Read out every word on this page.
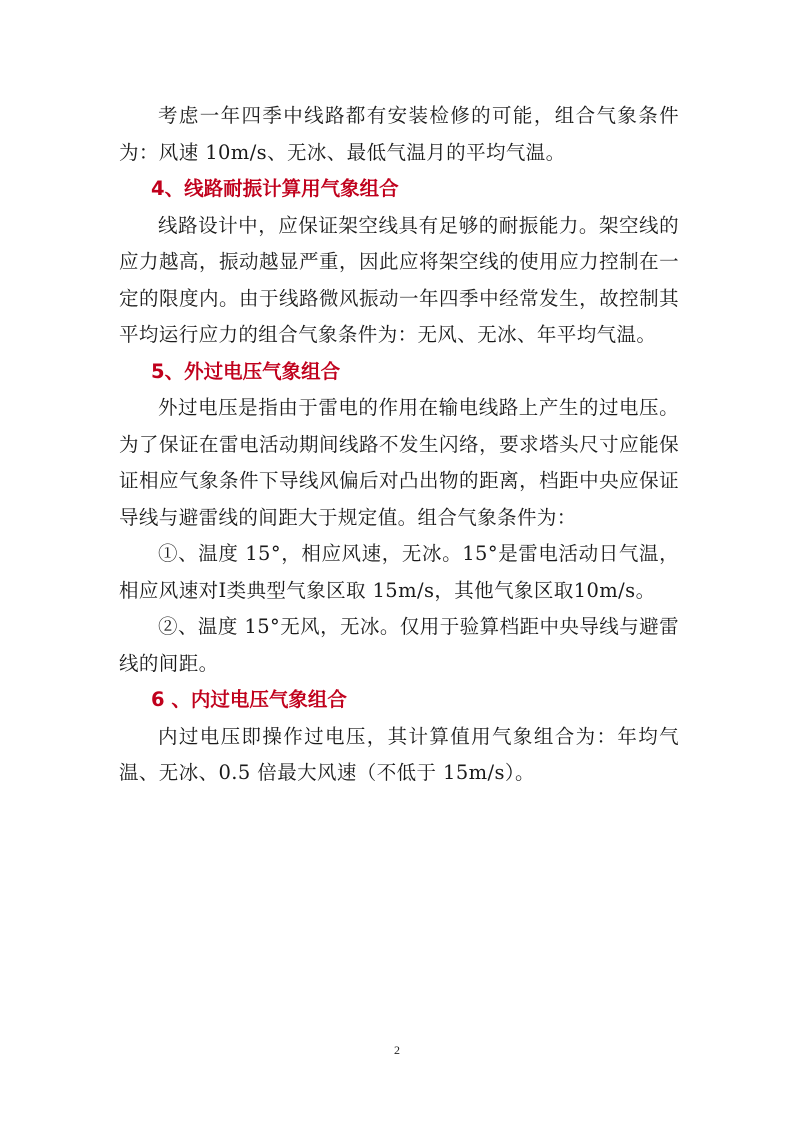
考虑一年四季中线路都有安装检修的可能，组合气象条件为：风速 10m/s、无冰、最低气温月的平均气温。

4、线路耐振计算用气象组合

线路设计中，应保证架空线具有足够的耐振能力。架空线的应力越高，振动越显严重，因此应将架空线的使用应力控制在一定的限度内。由于线路微风振动一年四季中经常发生，故控制其平均运行应力的组合气象条件为：无风、无冰、年平均气温。

5、外过电压气象组合

外过电压是指由于雷电的作用在输电线路上产生的过电压。为了保证在雷电活动期间线路不发生闪络，要求塔头尺寸应能保证相应气象条件下导线风偏后对凸出物的距离，档距中央应保证导线与避雷线的间距大于规定值。组合气象条件为：

①、温度 15°，相应风速，无冰。15°是雷电活动日气温，相应风速对Ⅰ类典型气象区取 15m/s，其他气象区取10m/s。

②、温度 15°无风，无冰。仅用于验算档距中央导线与避雷线的间距。

6 、内过电压气象组合

内过电压即操作过电压，其计算值用气象组合为：年均气温、无冰、0.5 倍最大风速（不低于 15m/s）。

2
